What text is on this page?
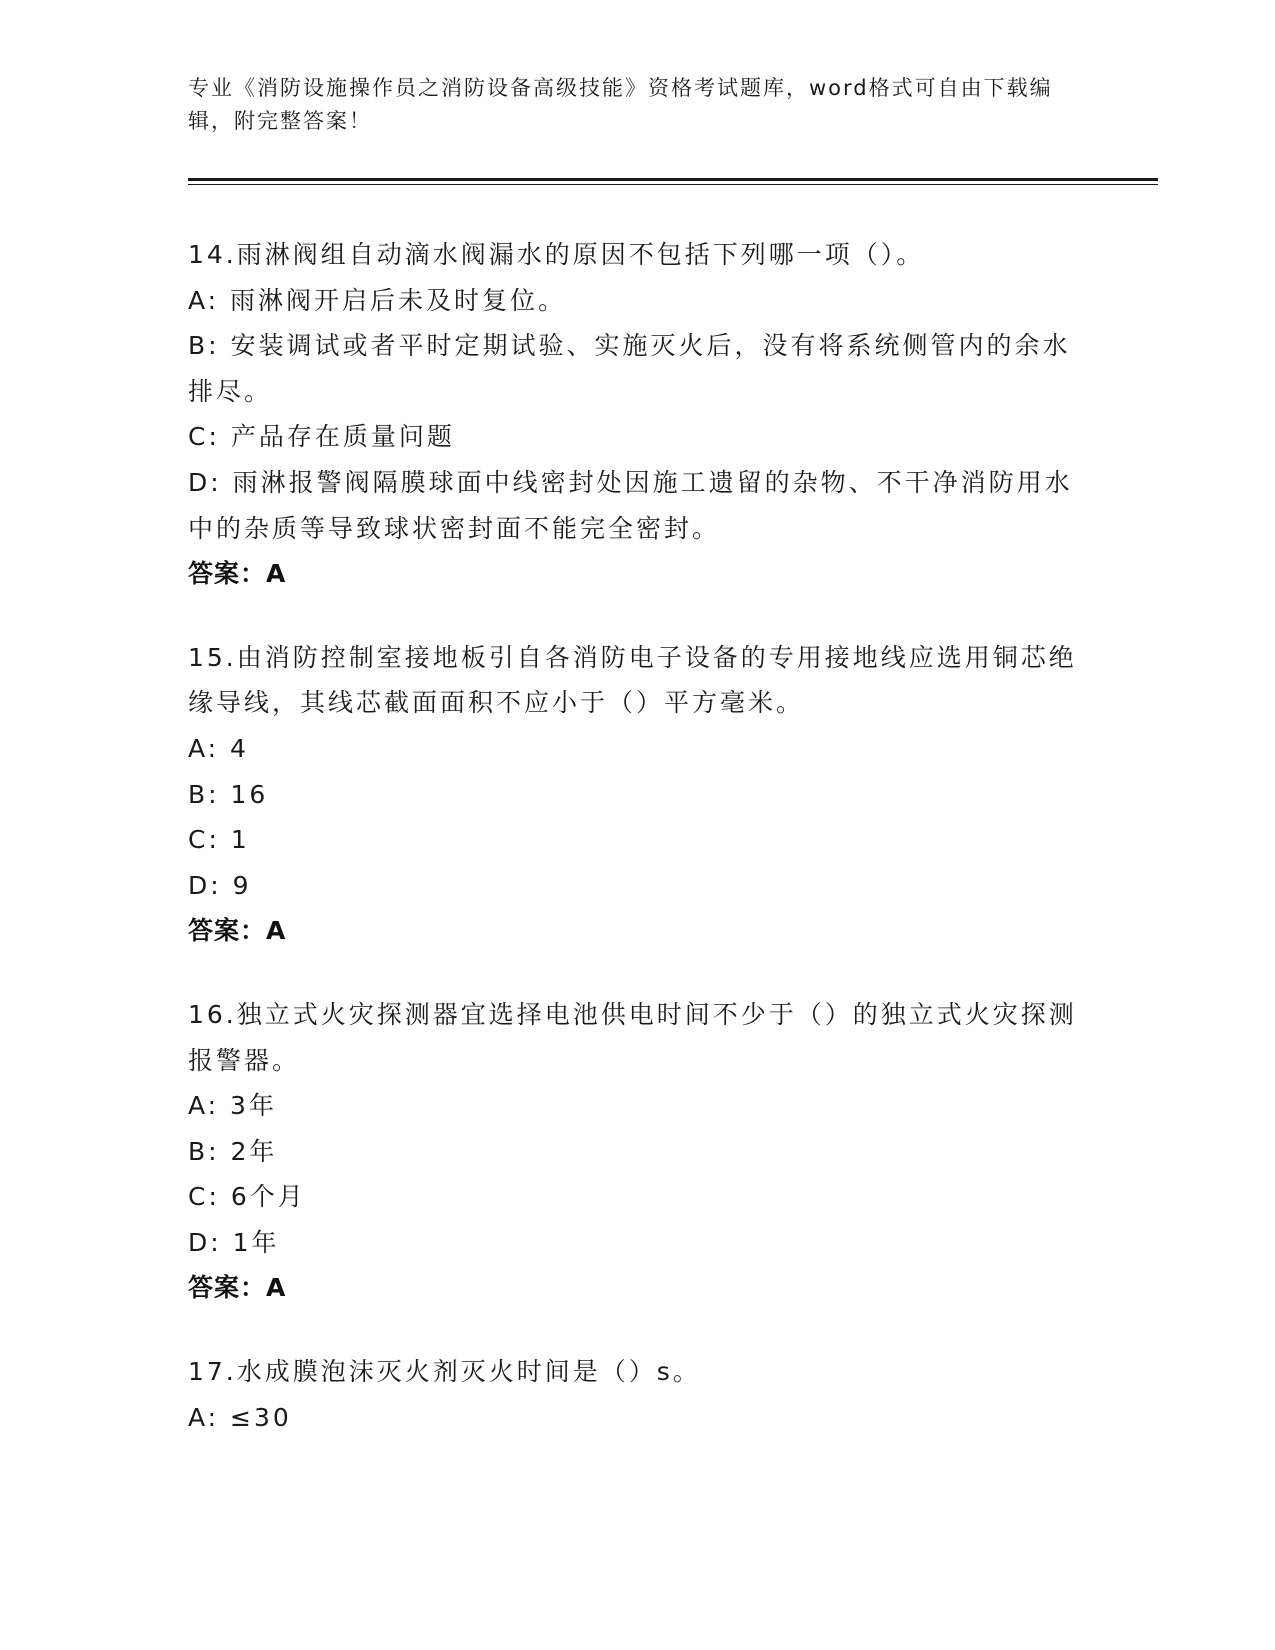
专业《消防设施操作员之消防设备高级技能》资格考试题库，word格式可自由下载编辑，附完整答案！
14.雨淋阀组自动滴水阀漏水的原因不包括下列哪一项（）。
A: 雨淋阀开启后未及时复位。
B: 安装调试或者平时定期试验、实施灭火后，没有将系统侧管内的余水排尽。
C: 产品存在质量问题
D: 雨淋报警阀隔膜球面中线密封处因施工遗留的杂物、不干净消防用水中的杂质等导致球状密封面不能完全密封。
答案：A
15.由消防控制室接地板引自各消防电子设备的专用接地线应选用铜芯绝缘导线，其线芯截面面积不应小于（）平方毫米。
A: 4
B: 16
C: 1
D: 9
答案：A
16.独立式火灾探测器宜选择电池供电时间不少于（）的独立式火灾探测报警器。
A: 3年
B: 2年
C: 6个月
D: 1年
答案：A
17.水成膜泡沫灭火剂灭火时间是（）s。
A: ≤30
